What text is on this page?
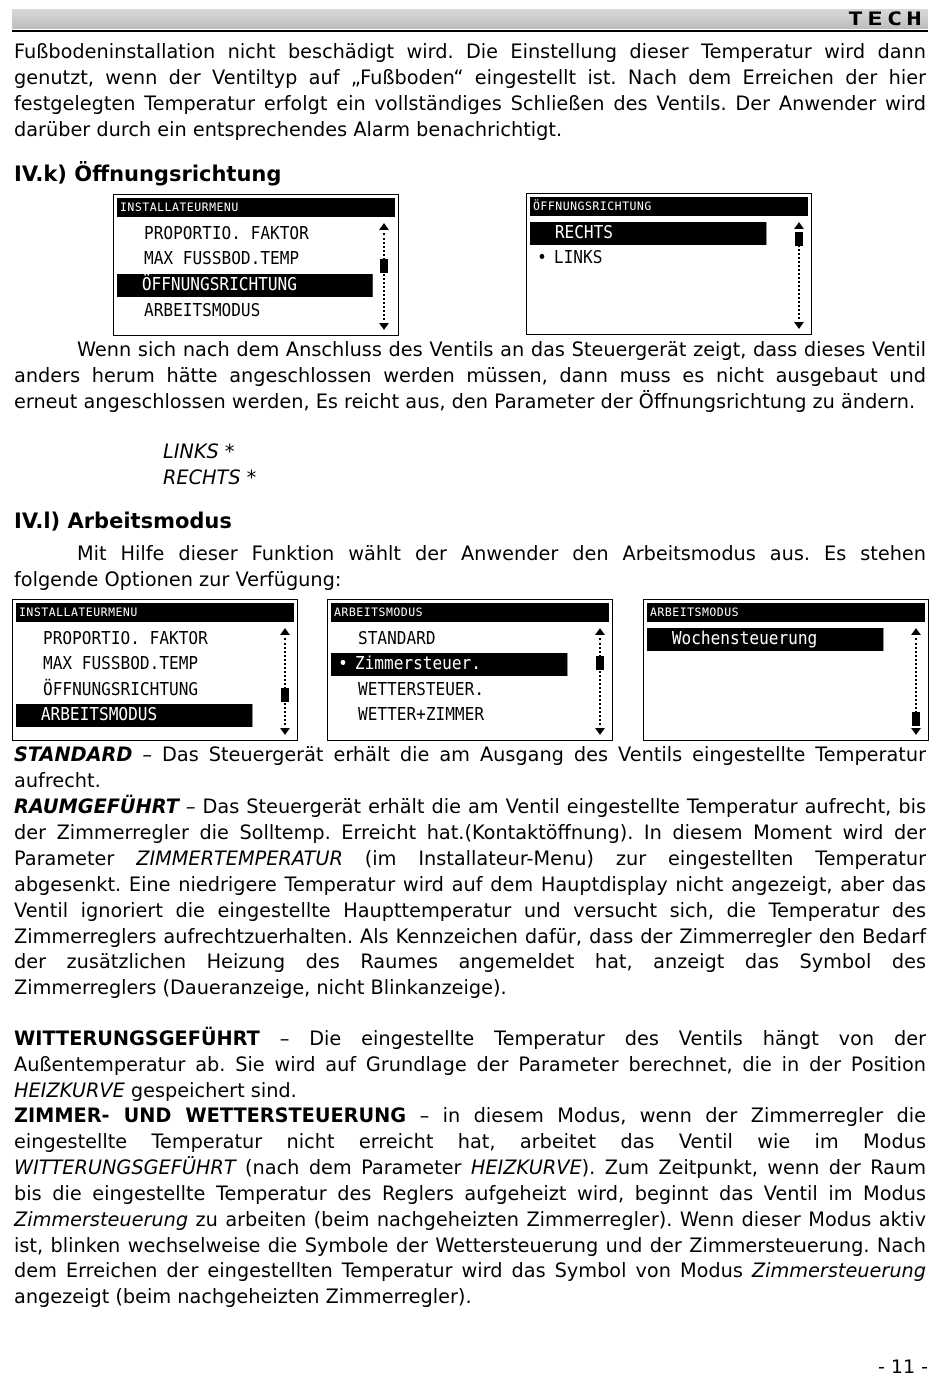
TECH

Fußbodeninstallation nicht beschädigt wird. Die Einstellung dieser Temperatur wird dann genutzt, wenn der Ventiltyp auf „Fußboden“ eingestellt ist. Nach dem Erreichen der hier festgelegten Temperatur erfolgt ein vollständiges Schließen des Ventils. Der Anwender wird darüber durch ein entsprechendes Alarm benachrichtigt.

IV.k) Öffnungsrichtung
INSTALLATEURMENU
PROPORTIO. FAKTOR
MAX FUSSBOD.TEMP
ÖFFNUNGSRICHTUNG
ARBEITSMODUS
ÖFFNUNGSRICHTUNG
RECHTS
• LINKS

Wenn sich nach dem Anschluss des Ventils an das Steuergerät zeigt, dass dieses Ventil anders herum hätte angeschlossen werden müssen, dann muss es nicht ausgebaut und erneut angeschlossen werden, Es reicht aus, den Parameter der Öffnungsrichtung zu ändern.

LINKS *
RECHTS *
IV.l) Arbeitsmodus

Mit Hilfe dieser Funktion wählt der Anwender den Arbeitsmodus aus. Es stehen folgende Optionen zur Verfügung:

INSTALLATEURMENU
PROPORTIO. FAKTOR
MAX FUSSBOD.TEMP
ÖFFNUNGSRICHTUNG
ARBEITSMODUS
ARBEITSMODUS
STANDARD
• Zimmersteuer.
WETTERSTEUER.
WETTER+ZIMMER
ARBEITSMODUS
Wochensteuerung

STANDARD – Das Steuergerät erhält die am Ausgang des Ventils eingestellte Temperatur aufrecht.

RAUMGEFÜHRT – Das Steuergerät erhält die am Ventil eingestellte Temperatur aufrecht, bis der Zimmerregler die Solltemp. Erreicht hat.(Kontaktöffnung). In diesem Moment wird der Parameter ZIMMERTEMPERATUR (im Installateur-Menu) zur eingestellten Temperatur abgesenkt. Eine niedrigere Temperatur wird auf dem Hauptdisplay nicht angezeigt, aber das Ventil ignoriert die eingestellte Haupttemperatur und versucht sich, die Temperatur des Zimmerreglers aufrechtzuerhalten. Als Kennzeichen dafür, dass der Zimmerregler den Bedarf der zusätzlichen Heizung des Raumes angemeldet hat, anzeigt das Symbol des Zimmerreglers (Daueranzeige, nicht Blinkanzeige).

WITTERUNGSGEFÜHRT – Die eingestellte Temperatur des Ventils hängt von der Außentemperatur ab. Sie wird auf Grundlage der Parameter berechnet, die in der Position HEIZKURVE gespeichert sind.

ZIMMER- UND WETTERSTEUERUNG – in diesem Modus, wenn der Zimmerregler die eingestellte Temperatur nicht erreicht hat, arbeitet das Ventil wie im Modus WITTERUNGSGEFÜHRT (nach dem Parameter HEIZKURVE). Zum Zeitpunkt, wenn der Raum bis die eingestellte Temperatur des Reglers aufgeheizt wird, beginnt das Ventil im Modus Zimmersteuerung zu arbeiten (beim nachgeheizten Zimmerregler). Wenn dieser Modus aktiv ist, blinken wechselweise die Symbole der Wettersteuerung und der Zimmersteuerung. Nach dem Erreichen der eingestellten Temperatur wird das Symbol von Modus Zimmersteuerung angezeigt (beim nachgeheizten Zimmerregler).

- 11 -
